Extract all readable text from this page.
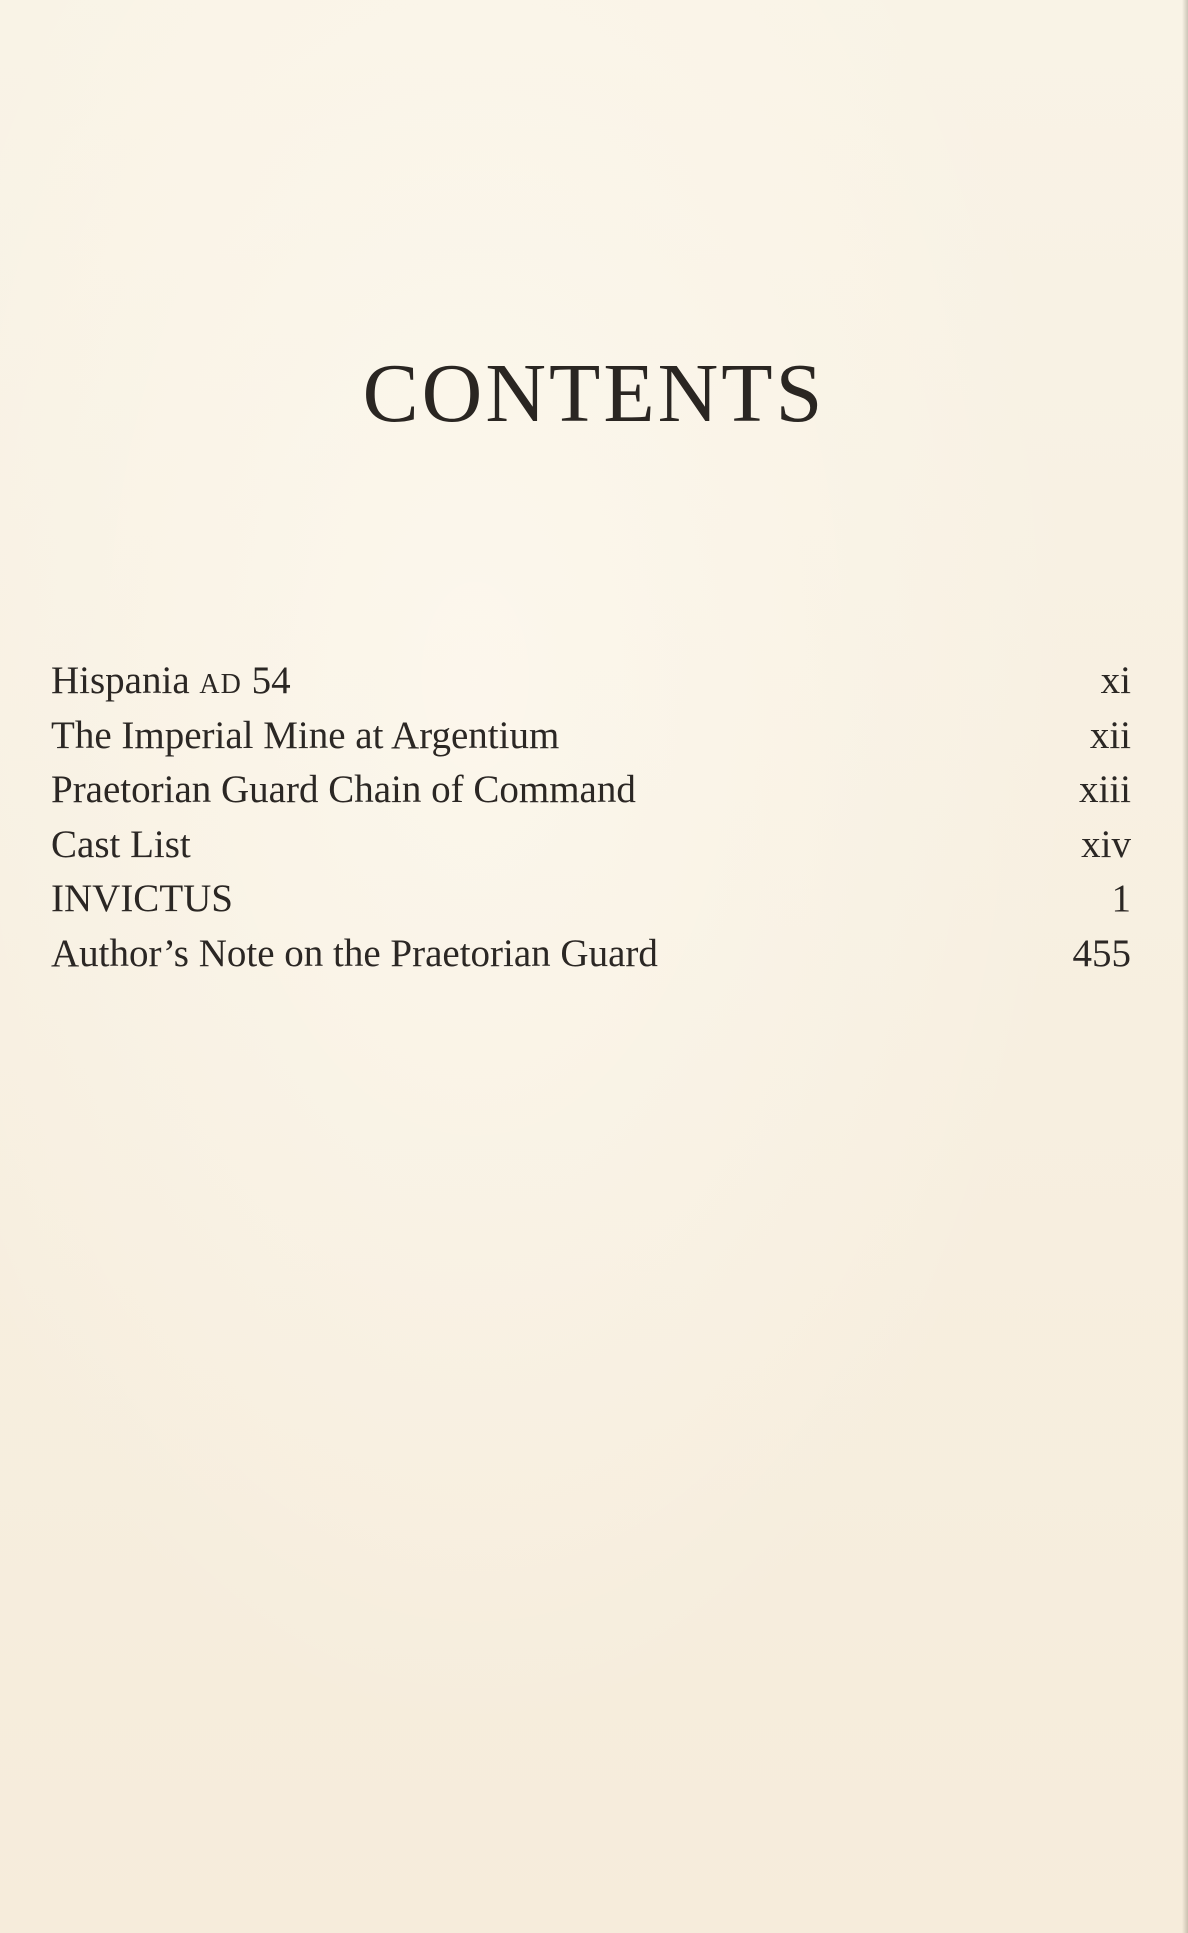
CONTENTS
Hispania AD 54	xi
The Imperial Mine at Argentium	xii
Praetorian Guard Chain of Command	xiii
Cast List	xiv
INVICTUS	1
Author’s Note on the Praetorian Guard	455
